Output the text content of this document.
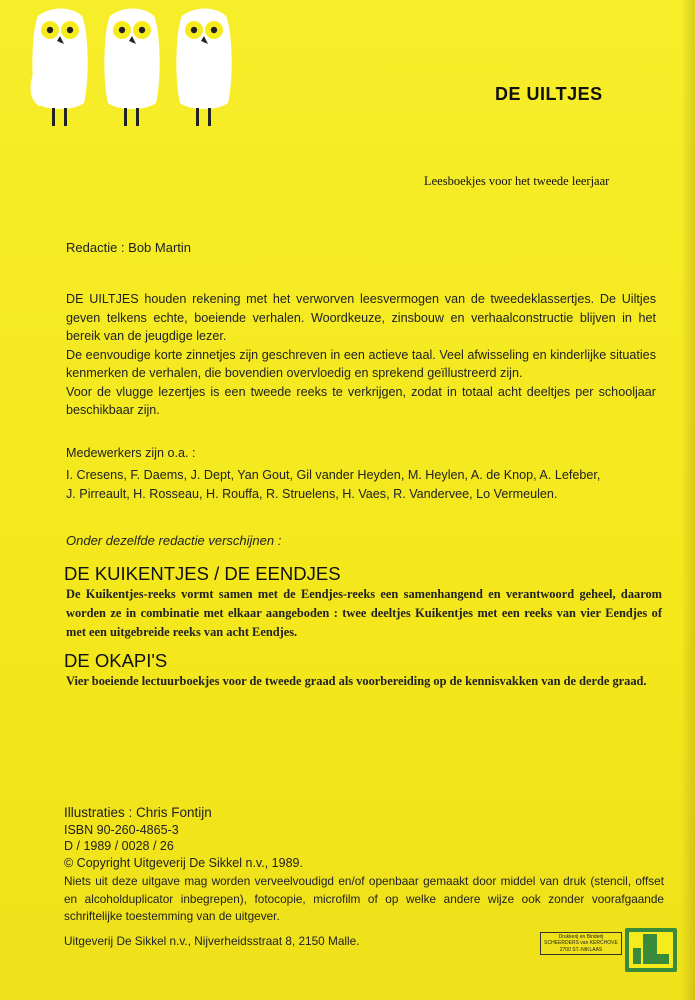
DE UILTJES
Leesboekjes voor het tweede leerjaar
Redactie : Bob Martin

DE UILTJES houden rekening met het verworven leesvermogen van de tweedeklassertjes. De Uiltjes geven telkens echte, boeiende verhalen. Woordkeuze, zinsbouw en verhaalconstructie blijven in het bereik van de jeugdige lezer.

De eenvoudige korte zinnetjes zijn geschreven in een actieve taal. Veel afwisseling en kinderlijke situaties kenmerken de verhalen, die bovendien overvloedig en sprekend geïllustreerd zijn.

Voor de vlugge lezertjes is een tweede reeks te verkrijgen, zodat in totaal acht deeltjes per schooljaar beschikbaar zijn.

Medewerkers zijn o.a. :
I. Cresens, F. Daems, J. Dept, Yan Gout, Gil vander Heyden, M. Heylen, A. de Knop, A. Lefeber,
J. Pirreault, H. Rosseau, H. Rouffa, R. Struelens, H. Vaes, R. Vandervee, Lo Vermeulen.
Onder dezelfde redactie verschijnen :
DE KUIKENTJES / DE EENDJES
De Kuikentjes-reeks vormt samen met de Eendjes-reeks een samenhangend en verantwoord geheel, daarom worden ze in combinatie met elkaar aangeboden : twee deeltjes Kuikentjes met een reeks van vier Eendjes of met een uitgebreide reeks van acht Eendjes.
DE OKAPI'S
Vier boeiende lectuurboekjes voor de tweede graad als voorbereiding op de kennisvakken van de derde graad.
Illustraties : Chris Fontijn
ISBN 90-260-4865-3
D / 1989 / 0028 / 26
© Copyright Uitgeverij De Sikkel n.v., 1989.

Niets uit deze uitgave mag worden verveelvoudigd en/of openbaar gemaakt door middel van druk (stencil, offset en alcoholduplicator inbegrepen), fotocopie, microfilm of op welke andere wijze ook zonder voorafgaande schriftelijke toestemming van de uitgever.

Uitgeverij De Sikkel n.v., Nijverheidsstraat 8, 2150 Malle.	Drukkerij en Binderij
SCHEERDERS van KERCHOVE
2700 ST.-NIKLAAS
